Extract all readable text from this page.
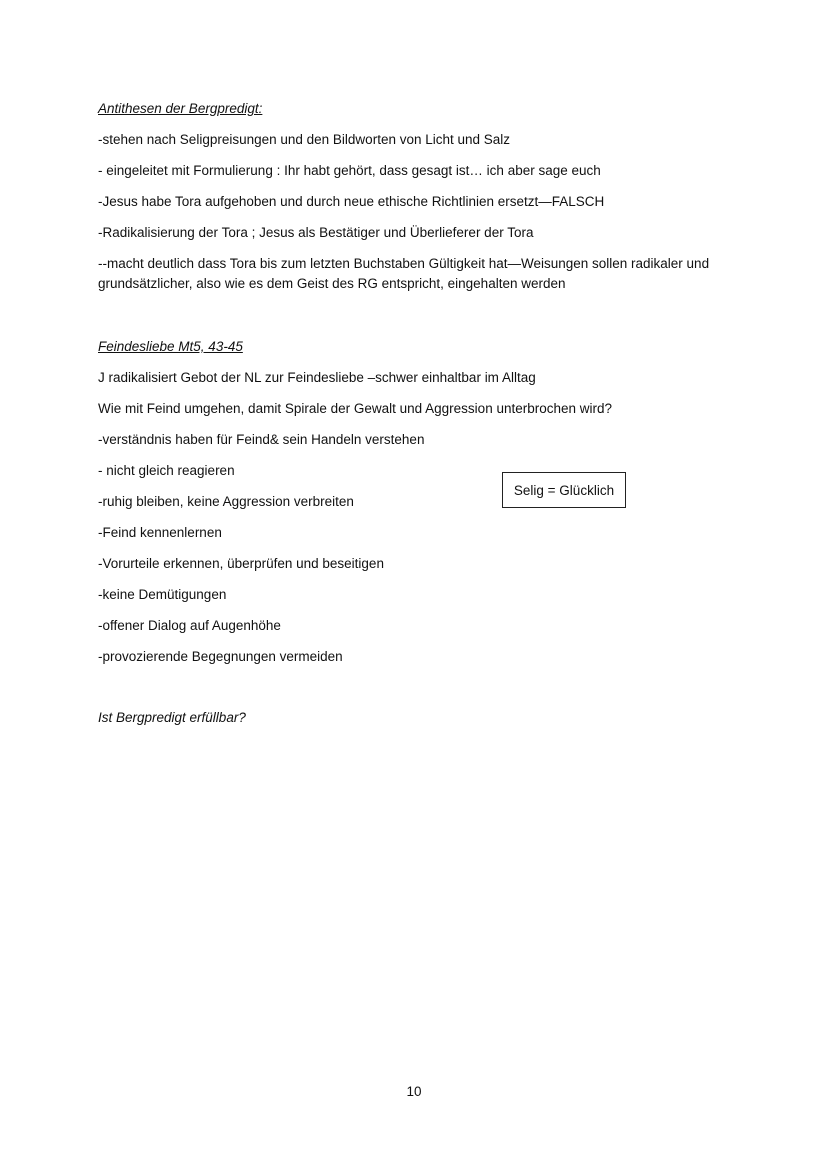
Antithesen der Bergpredigt:
-stehen nach Seligpreisungen und den Bildworten von Licht und Salz
- eingeleitet mit Formulierung : Ihr habt gehört, dass gesagt ist… ich aber sage euch
-Jesus habe Tora aufgehoben und durch neue ethische Richtlinien ersetzt—FALSCH
-Radikalisierung der Tora ; Jesus als Bestätiger und Überlieferer der Tora
--macht deutlich dass Tora bis zum letzten Buchstaben Gültigkeit hat—Weisungen sollen radikaler und grundsätzlicher, also wie es dem Geist des RG entspricht, eingehalten werden
Feindesliebe Mt5, 43-45
J radikalisiert Gebot der NL zur Feindesliebe –schwer einhaltbar im Alltag
Wie mit Feind umgehen, damit Spirale der Gewalt und Aggression unterbrochen wird?
-verständnis haben für Feind& sein Handeln verstehen
- nicht gleich reagieren
-ruhig bleiben, keine Aggression verbreiten
-Feind kennenlernen
-Vorurteile erkennen, überprüfen und beseitigen
-keine Demütigungen
-offener Dialog auf Augenhöhe
-provozierende Begegnungen vermeiden
Selig = Glücklich
Ist Bergpredigt erfüllbar?
10
